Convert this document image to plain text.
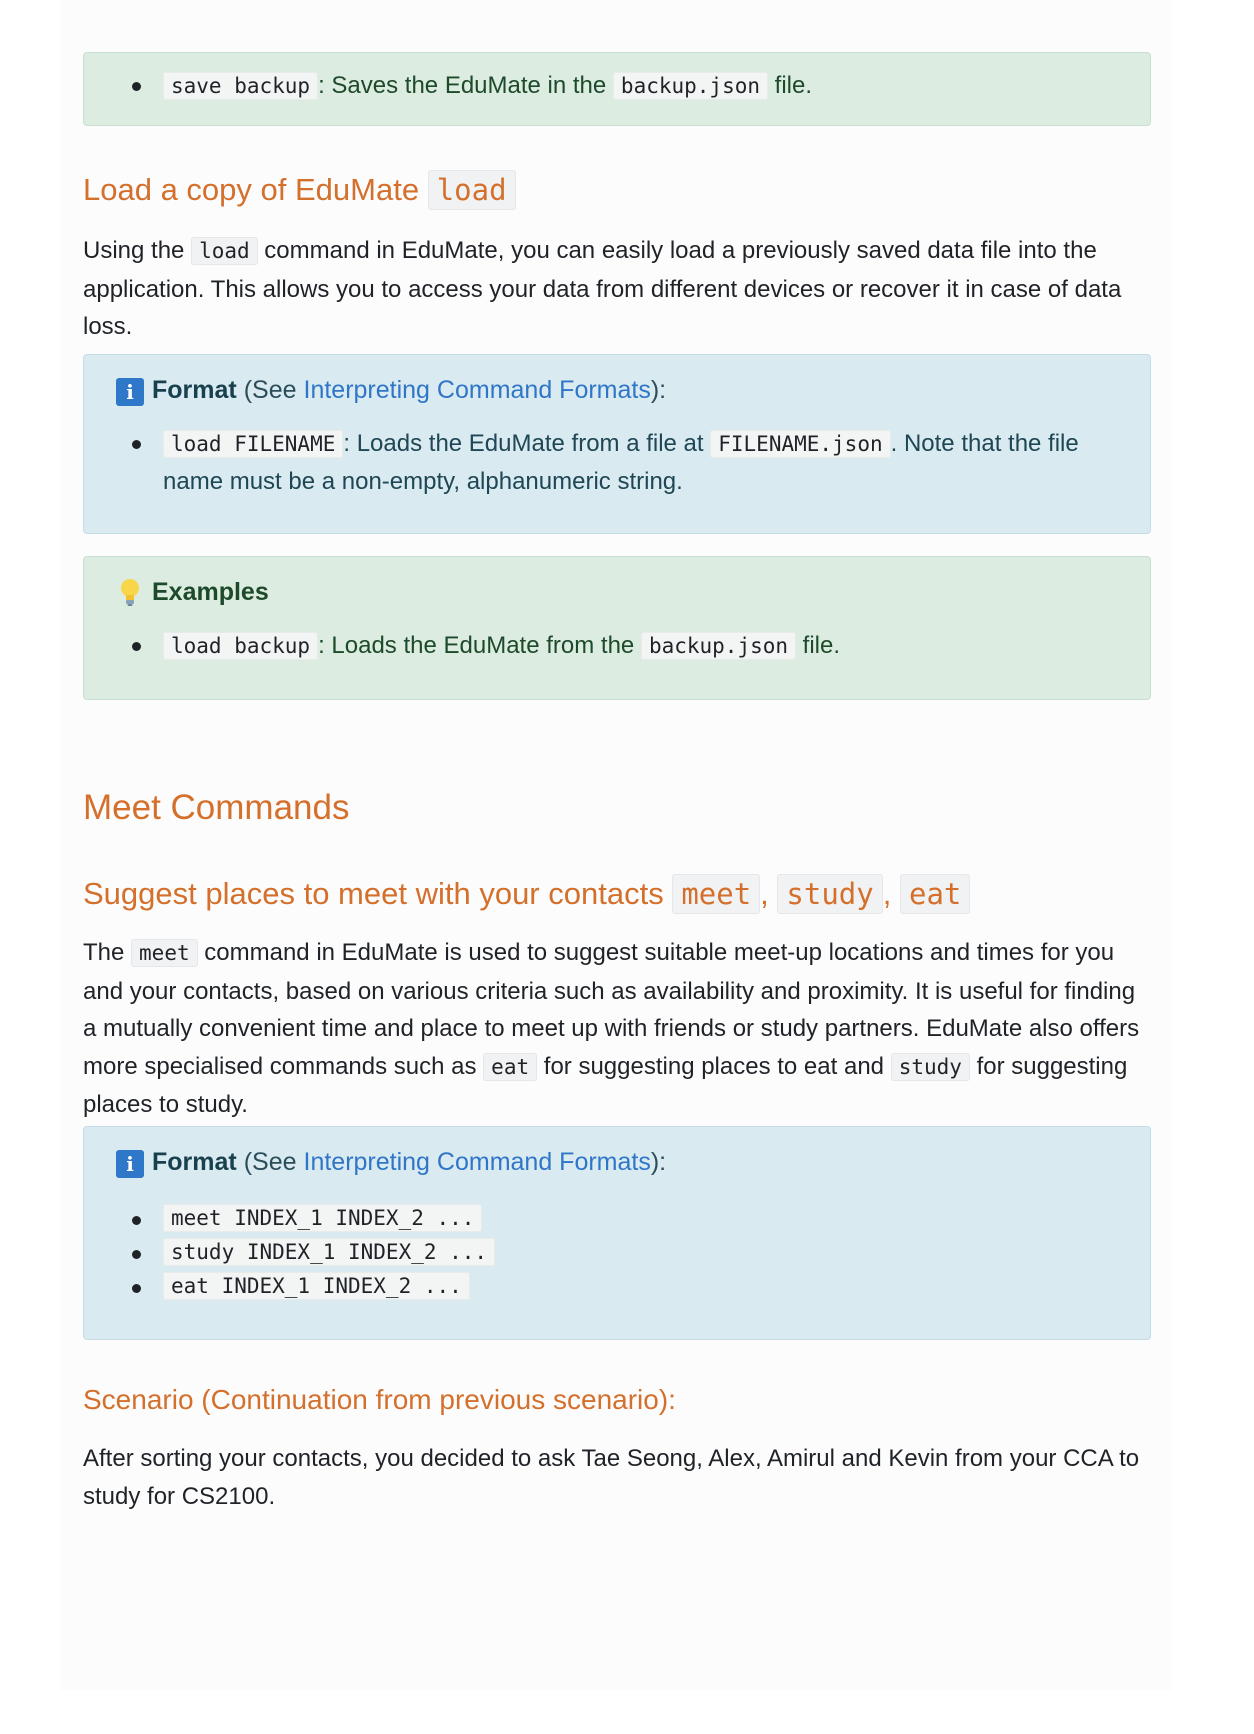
save backup : Saves the EduMate in the backup.json file.
Load a copy of EduMate load

Using the load command in EduMate, you can easily load a previously saved data file into the application. This allows you to access your data from different devices or recover it in case of data loss.

i Format (See Interpreting Command Formats):
load FILENAME : Loads the EduMate from a file at FILENAME.json . Note that the file name must be a non-empty, alphanumeric string.
Examples
load backup : Loads the EduMate from the backup.json file.
Meet Commands
Suggest places to meet with your contacts meet , study , eat

The meet command in EduMate is used to suggest suitable meet-up locations and times for you and your contacts, based on various criteria such as availability and proximity. It is useful for finding a mutually convenient time and place to meet up with friends or study partners. EduMate also offers more specialised commands such as eat for suggesting places to eat and study for suggesting places to study.

i Format (See Interpreting Command Formats):
meet INDEX_1 INDEX_2 ...
study INDEX_1 INDEX_2 ...
eat INDEX_1 INDEX_2 ...
Scenario (Continuation from previous scenario):

After sorting your contacts, you decided to ask Tae Seong, Alex, Amirul and Kevin from your CCA to study for CS2100.
